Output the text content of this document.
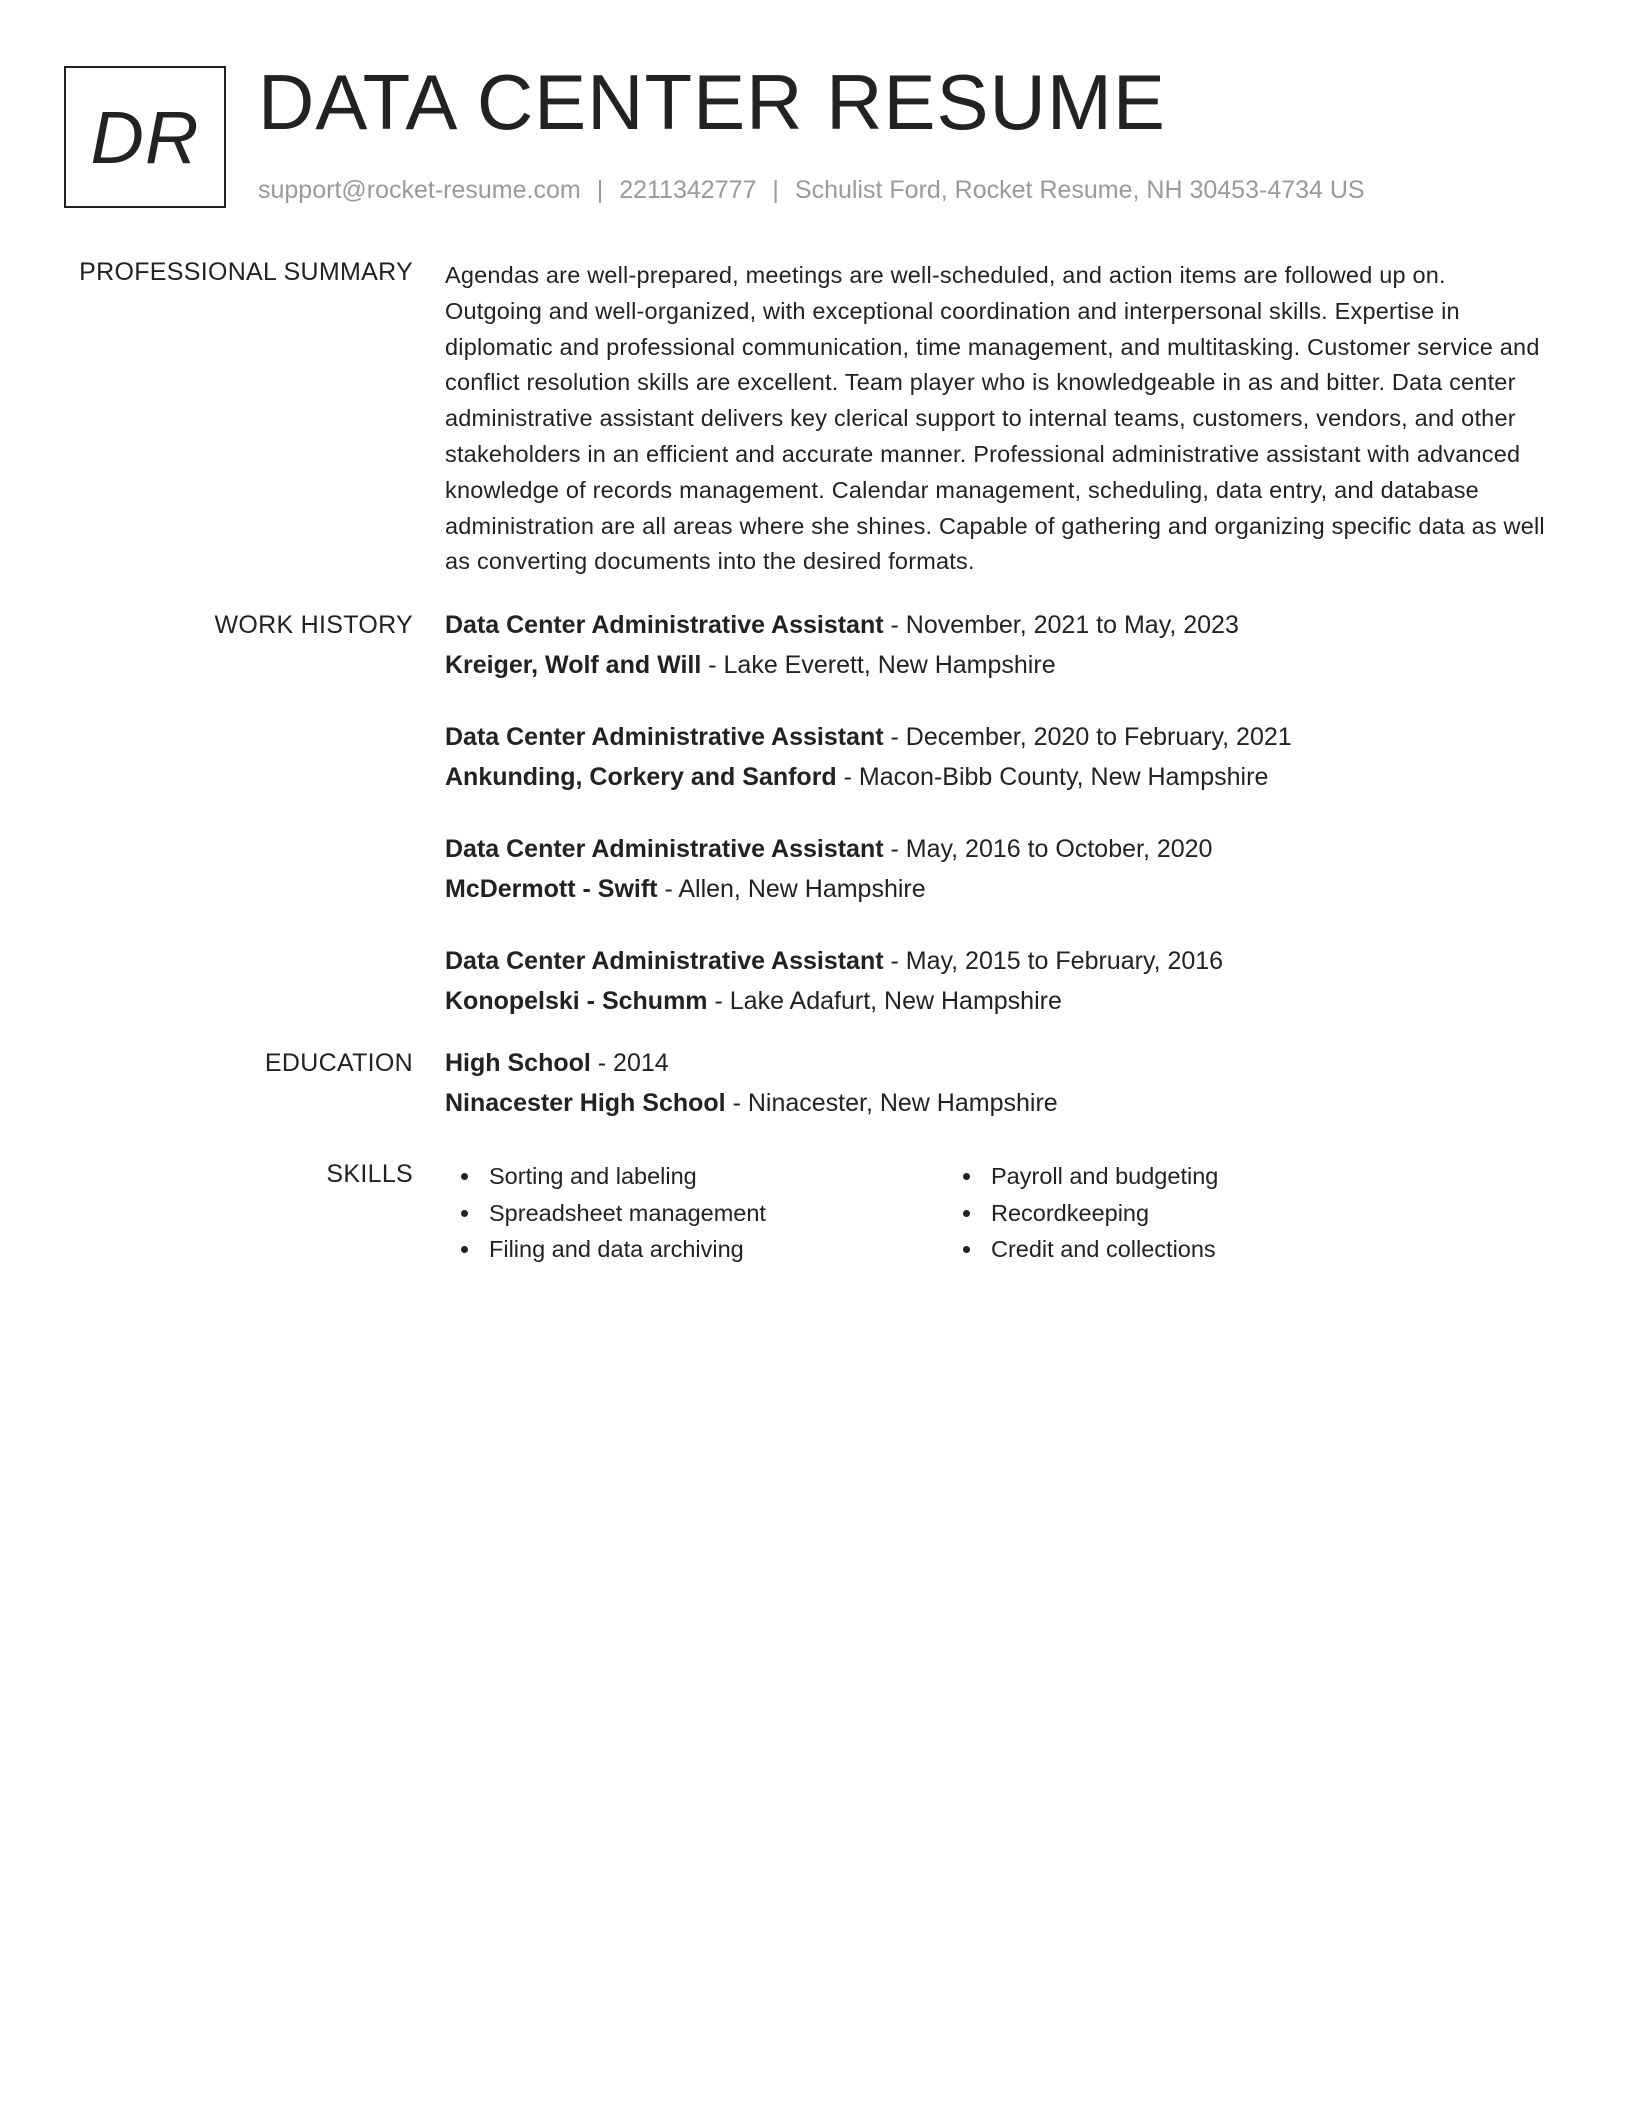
DR DATA CENTER RESUME
support@rocket-resume.com | 2211342777 | Schulist Ford, Rocket Resume, NH 30453-4734 US
PROFESSIONAL SUMMARY Agendas are well-prepared, meetings are well-scheduled, and action items are followed up on. Outgoing and well-organized, with exceptional coordination and interpersonal skills. Expertise in diplomatic and professional communication, time management, and multitasking. Customer service and conflict resolution skills are excellent. Team player who is knowledgeable in as and bitter. Data center administrative assistant delivers key clerical support to internal teams, customers, vendors, and other stakeholders in an efficient and accurate manner. Professional administrative assistant with advanced knowledge of records management. Calendar management, scheduling, data entry, and database administration are all areas where she shines. Capable of gathering and organizing specific data as well as converting documents into the desired formats.

WORK HISTORY Data Center Administrative Assistant - November, 2021 to May, 2023
Kreiger, Wolf and Will - Lake Everett, New Hampshire
Data Center Administrative Assistant - December, 2020 to February, 2021
Ankunding, Corkery and Sanford - Macon-Bibb County, New Hampshire
Data Center Administrative Assistant - May, 2016 to October, 2020
McDermott - Swift - Allen, New Hampshire
Data Center Administrative Assistant - May, 2015 to February, 2016
Konopelski - Schumm - Lake Adafurt, New Hampshire
EDUCATION High School - 2014
Ninacester High School - Ninacester, New Hampshire
SKILLS	Sorting and labeling
Spreadsheet management
Filing and data archiving
Payroll and budgeting
Recordkeeping
Credit and collections
